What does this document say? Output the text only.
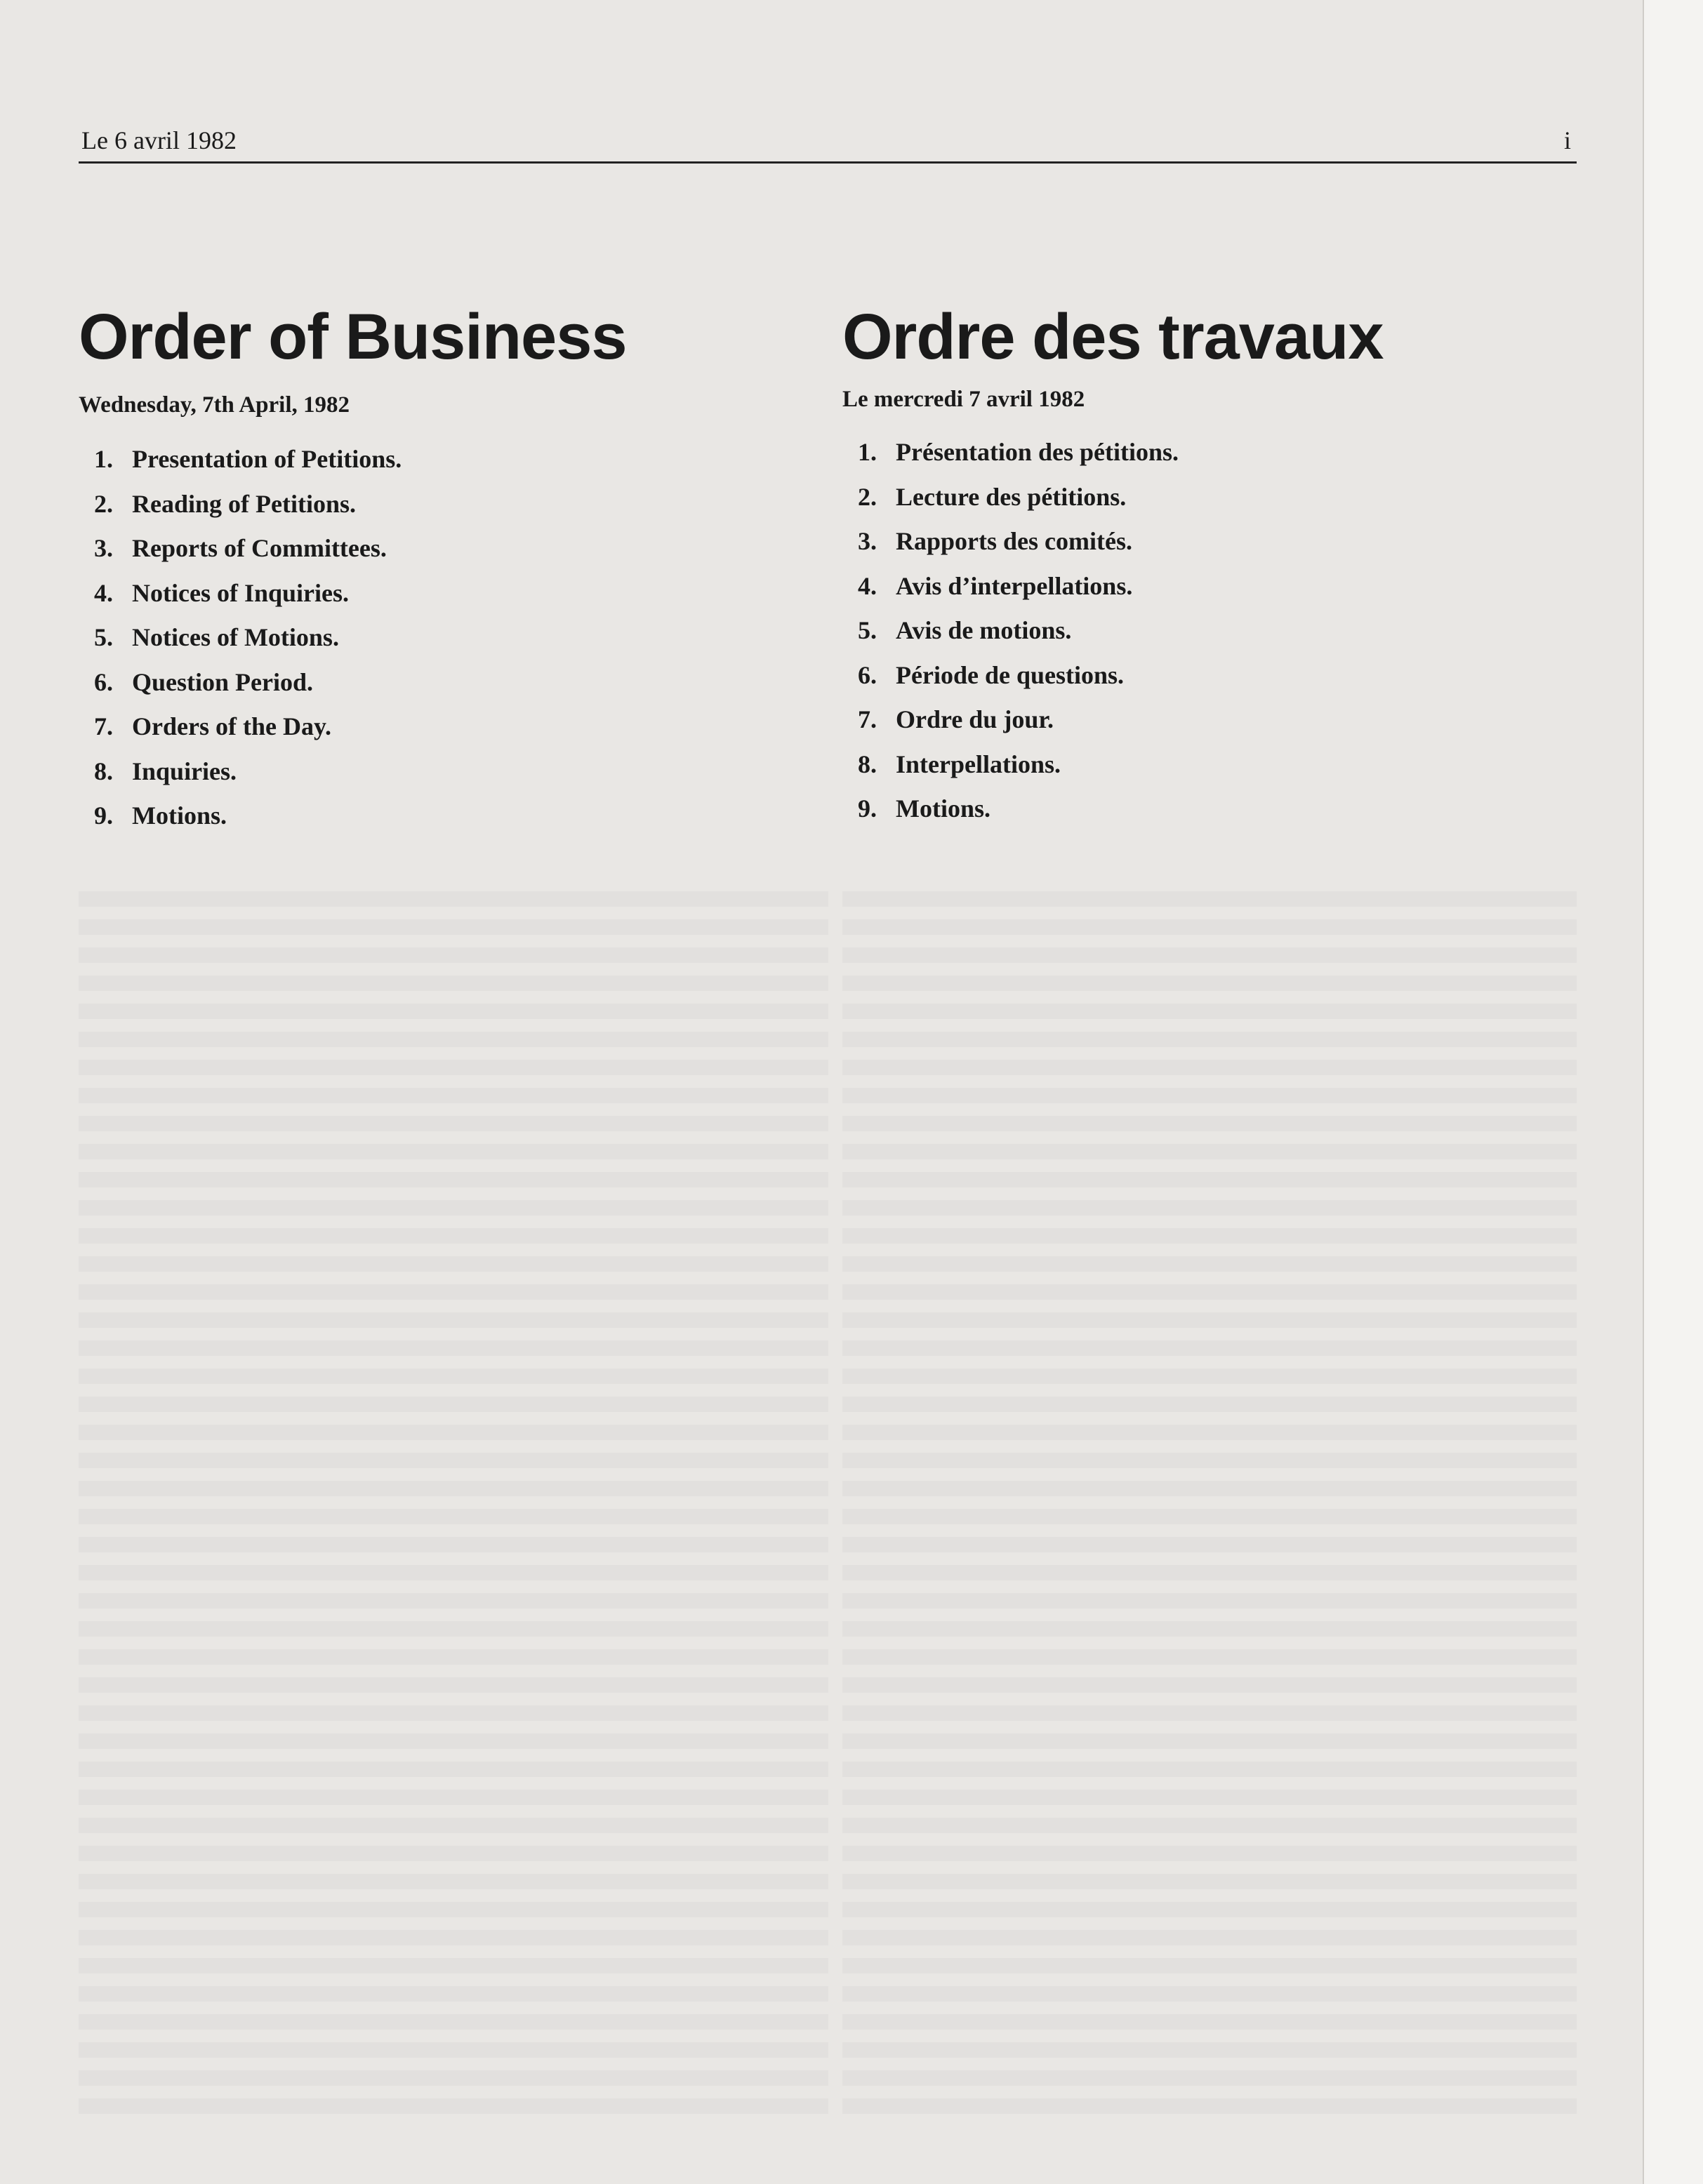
Le 6 avril 1982	i
Order of Business
Wednesday, 7th April, 1982
1. Presentation of Petitions.
2. Reading of Petitions.
3. Reports of Committees.
4. Notices of Inquiries.
5. Notices of Motions.
6. Question Period.
7. Orders of the Day.
8. Inquiries.
9. Motions.
Ordre des travaux
Le mercredi 7 avril 1982
1. Présentation des pétitions.
2. Lecture des pétitions.
3. Rapports des comités.
4. Avis d’interpellations.
5. Avis de motions.
6. Période de questions.
7. Ordre du jour.
8. Interpellations.
9. Motions.
